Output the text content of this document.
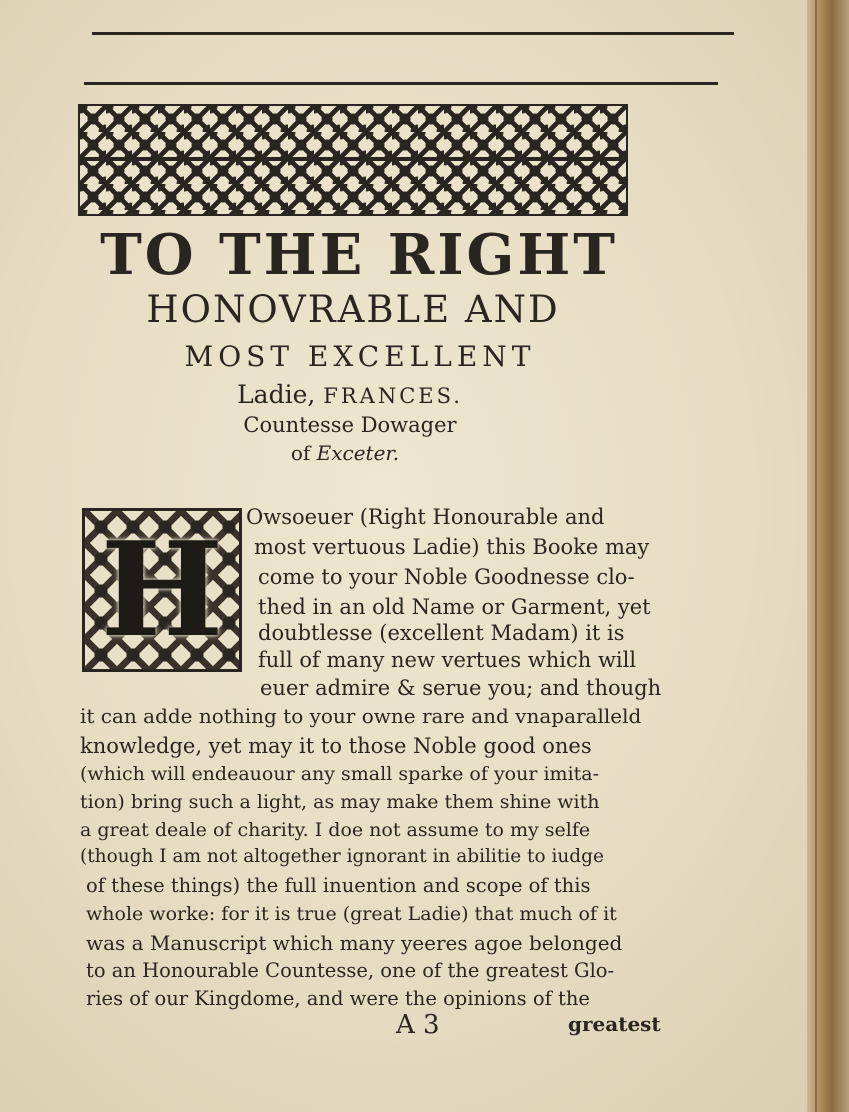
TO THE RIGHT
HONOVRABLE AND
MOST EXCELLENT
Ladie, FRANCES.
Countesse Dowager
of Exceter.
H	Owsoeuer (Right Honourable and
most vertuous Ladie) this Booke may
come to your Noble Goodnesse clo-
thed in an old Name or Garment, yet
doubtlesse (excellent Madam) it is
full of many new vertues which will
euer admire & serue you; and though
it can adde nothing to your owne rare and vnaparalleld
knowledge, yet may it to those Noble good ones
(which will endeauour any small sparke of your imita-
tion) bring such a light, as may make them shine with
a great deale of charity. I doe not assume to my selfe
(though I am not altogether ignorant in abilitie to iudge
of these things) the full inuention and scope of this
whole worke: for it is true (great Ladie) that much of it
was a Manuscript which many yeeres agoe belonged
to an Honourable Countesse, one of the greatest Glo-
ries of our Kingdome, and were the opinions of the
A 3	greatest
